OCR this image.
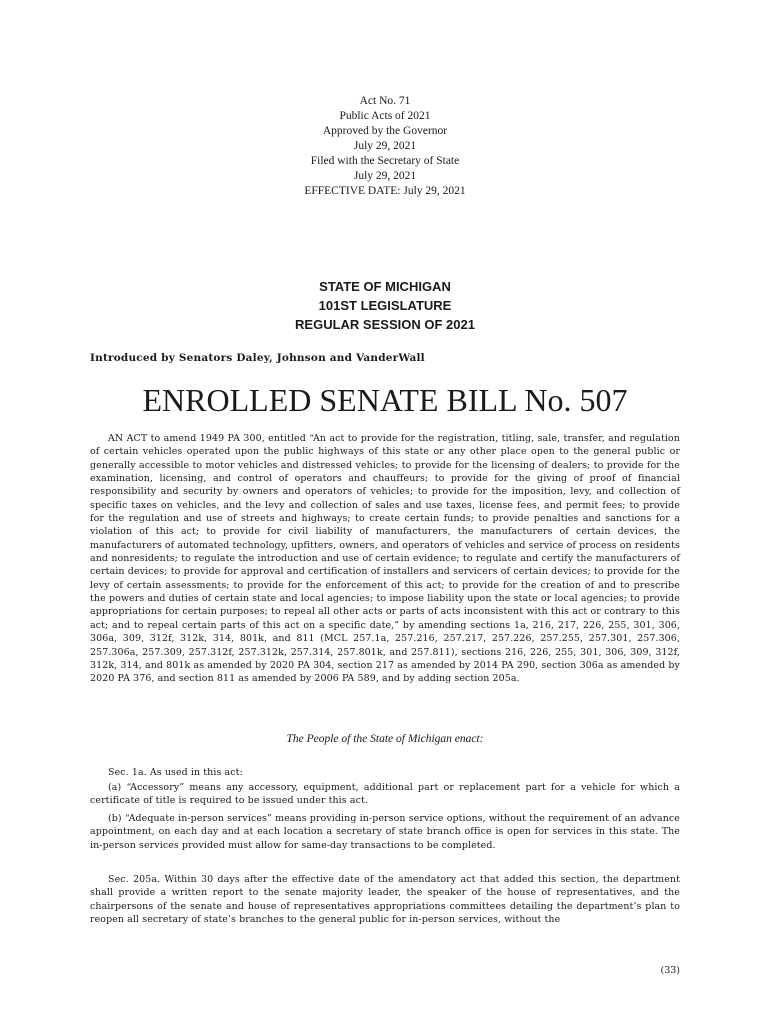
Act No. 71
Public Acts of 2021
Approved by the Governor
July 29, 2021
Filed with the Secretary of State
July 29, 2021
EFFECTIVE DATE: July 29, 2021
STATE OF MICHIGAN
101ST LEGISLATURE
REGULAR SESSION OF 2021
Introduced by Senators Daley, Johnson and VanderWall
ENROLLED SENATE BILL No. 507
AN ACT to amend 1949 PA 300, entitled “An act to provide for the registration, titling, sale, transfer, and regulation of certain vehicles operated upon the public highways of this state or any other place open to the general public or generally accessible to motor vehicles and distressed vehicles; to provide for the licensing of dealers; to provide for the examination, licensing, and control of operators and chauffeurs; to provide for the giving of proof of financial responsibility and security by owners and operators of vehicles; to provide for the imposition, levy, and collection of specific taxes on vehicles, and the levy and collection of sales and use taxes, license fees, and permit fees; to provide for the regulation and use of streets and highways; to create certain funds; to provide penalties and sanctions for a violation of this act; to provide for civil liability of manufacturers, the manufacturers of certain devices, the manufacturers of automated technology, upfitters, owners, and operators of vehicles and service of process on residents and nonresidents; to regulate the introduction and use of certain evidence; to regulate and certify the manufacturers of certain devices; to provide for approval and certification of installers and servicers of certain devices; to provide for the levy of certain assessments; to provide for the enforcement of this act; to provide for the creation of and to prescribe the powers and duties of certain state and local agencies; to impose liability upon the state or local agencies; to provide appropriations for certain purposes; to repeal all other acts or parts of acts inconsistent with this act or contrary to this act; and to repeal certain parts of this act on a specific date,” by amending sections 1a, 216, 217, 226, 255, 301, 306, 306a, 309, 312f, 312k, 314, 801k, and 811 (MCL 257.1a, 257.216, 257.217, 257.226, 257.255, 257.301, 257.306, 257.306a, 257.309, 257.312f, 257.312k, 257.314, 257.801k, and 257.811), sections 216, 226, 255, 301, 306, 309, 312f, 312k, 314, and 801k as amended by 2020 PA 304, section 217 as amended by 2014 PA 290, section 306a as amended by 2020 PA 376, and section 811 as amended by 2006 PA 589, and by adding section 205a.
The People of the State of Michigan enact:
Sec. 1a. As used in this act:
(a) “Accessory” means any accessory, equipment, additional part or replacement part for a vehicle for which a certificate of title is required to be issued under this act.
(b) “Adequate in-person services” means providing in-person service options, without the requirement of an advance appointment, on each day and at each location a secretary of state branch office is open for services in this state. The in-person services provided must allow for same-day transactions to be completed.
Sec. 205a. Within 30 days after the effective date of the amendatory act that added this section, the department shall provide a written report to the senate majority leader, the speaker of the house of representatives, and the chairpersons of the senate and house of representatives appropriations committees detailing the department’s plan to reopen all secretary of state’s branches to the general public for in-person services, without the
(33)
